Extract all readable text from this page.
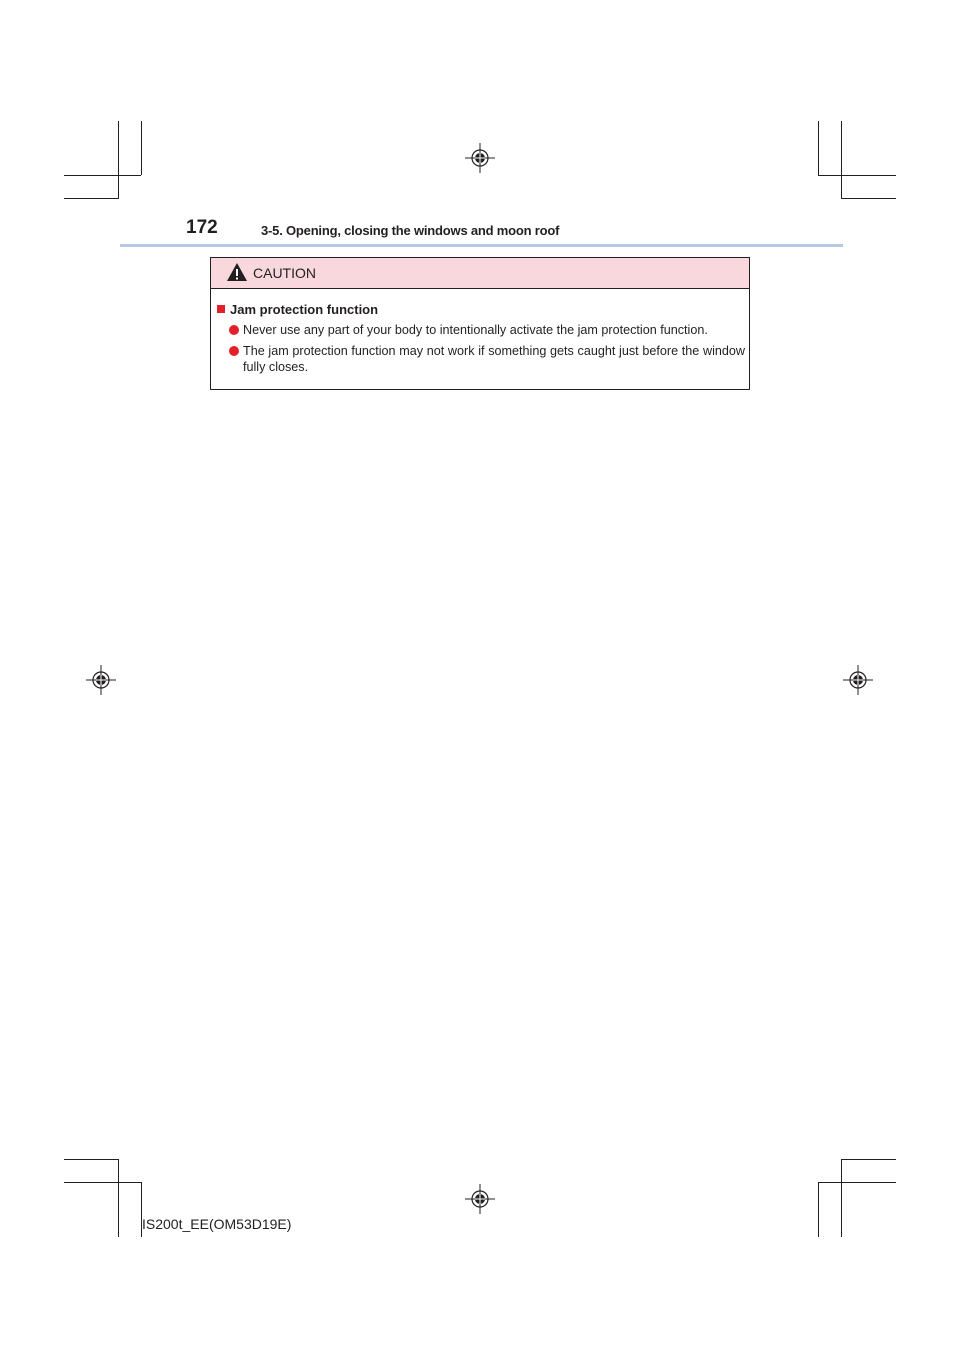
172	3-5. Opening, closing the windows and moon roof
CAUTION
Jam protection function
Never use any part of your body to intentionally activate the jam protection function.
The jam protection function may not work if something gets caught just before the window fully closes.
IS200t_EE(OM53D19E)
